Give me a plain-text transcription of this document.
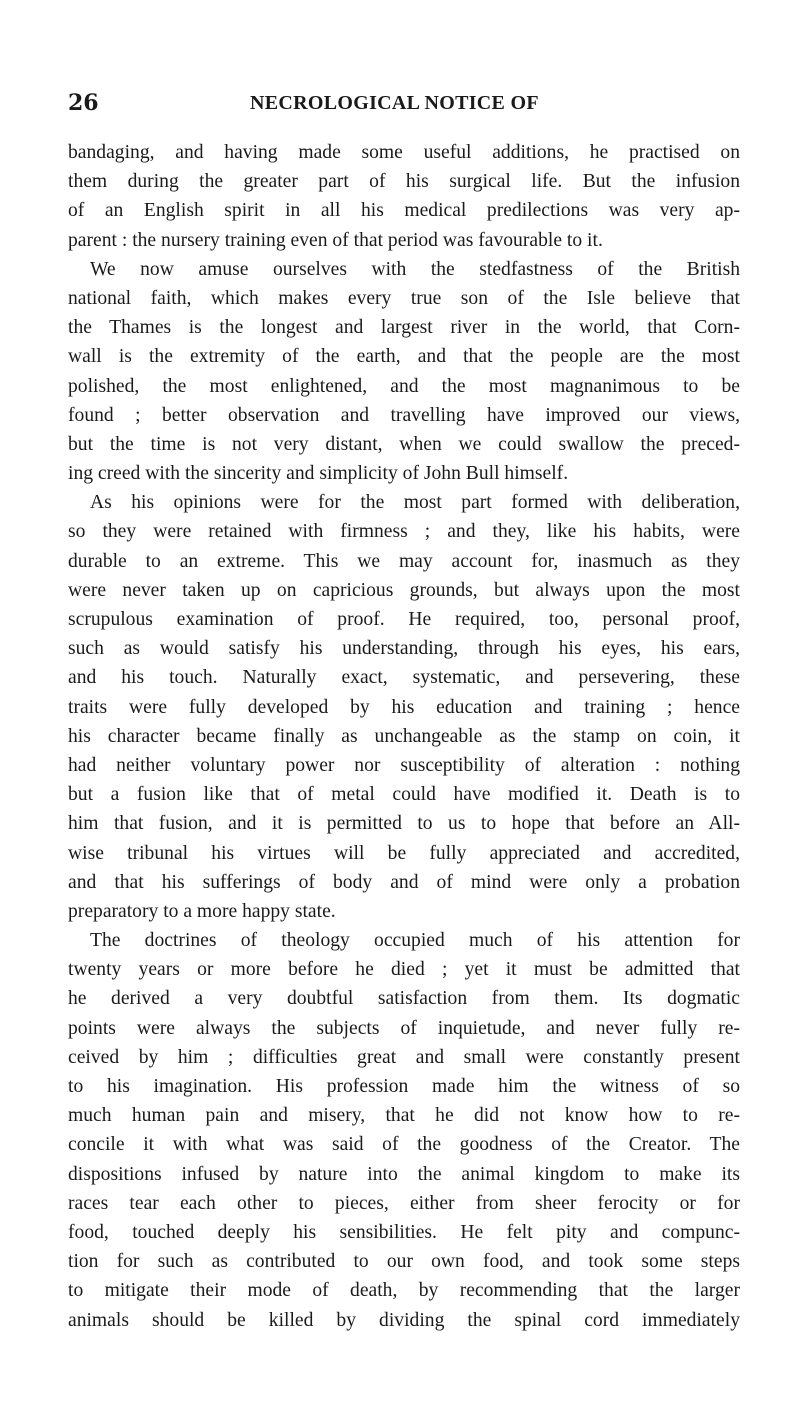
26	NECROLOGICAL NOTICE OF
bandaging, and having made some useful additions, he practised on
them during the greater part of his surgical life. But the infusion
of an English spirit in all his medical predilections was very ap-
parent : the nursery training even of that period was favourable to it.
We now amuse ourselves with the stedfastness of the British
national faith, which makes every true son of the Isle believe that
the Thames is the longest and largest river in the world, that Corn-
wall is the extremity of the earth, and that the people are the most
polished, the most enlightened, and the most magnanimous to be
found ; better observation and travelling have improved our views,
but the time is not very distant, when we could swallow the preced-
ing creed with the sincerity and simplicity of John Bull himself.
As his opinions were for the most part formed with deliberation,
so they were retained with firmness ; and they, like his habits, were
durable to an extreme. This we may account for, inasmuch as they
were never taken up on capricious grounds, but always upon the most
scrupulous examination of proof. He required, too, personal proof,
such as would satisfy his understanding, through his eyes, his ears,
and his touch. Naturally exact, systematic, and persevering, these
traits were fully developed by his education and training ; hence
his character became finally as unchangeable as the stamp on coin, it
had neither voluntary power nor susceptibility of alteration : nothing
but a fusion like that of metal could have modified it. Death is to
him that fusion, and it is permitted to us to hope that before an All-
wise tribunal his virtues will be fully appreciated and accredited,
and that his sufferings of body and of mind were only a probation
preparatory to a more happy state.
The doctrines of theology occupied much of his attention for
twenty years or more before he died ; yet it must be admitted that
he derived a very doubtful satisfaction from them. Its dogmatic
points were always the subjects of inquietude, and never fully re-
ceived by him ; difficulties great and small were constantly present
to his imagination. His profession made him the witness of so
much human pain and misery, that he did not know how to re-
concile it with what was said of the goodness of the Creator. The
dispositions infused by nature into the animal kingdom to make its
races tear each other to pieces, either from sheer ferocity or for
food, touched deeply his sensibilities. He felt pity and compunc-
tion for such as contributed to our own food, and took some steps
to mitigate their mode of death, by recommending that the larger
animals should be killed by dividing the spinal cord immediately
